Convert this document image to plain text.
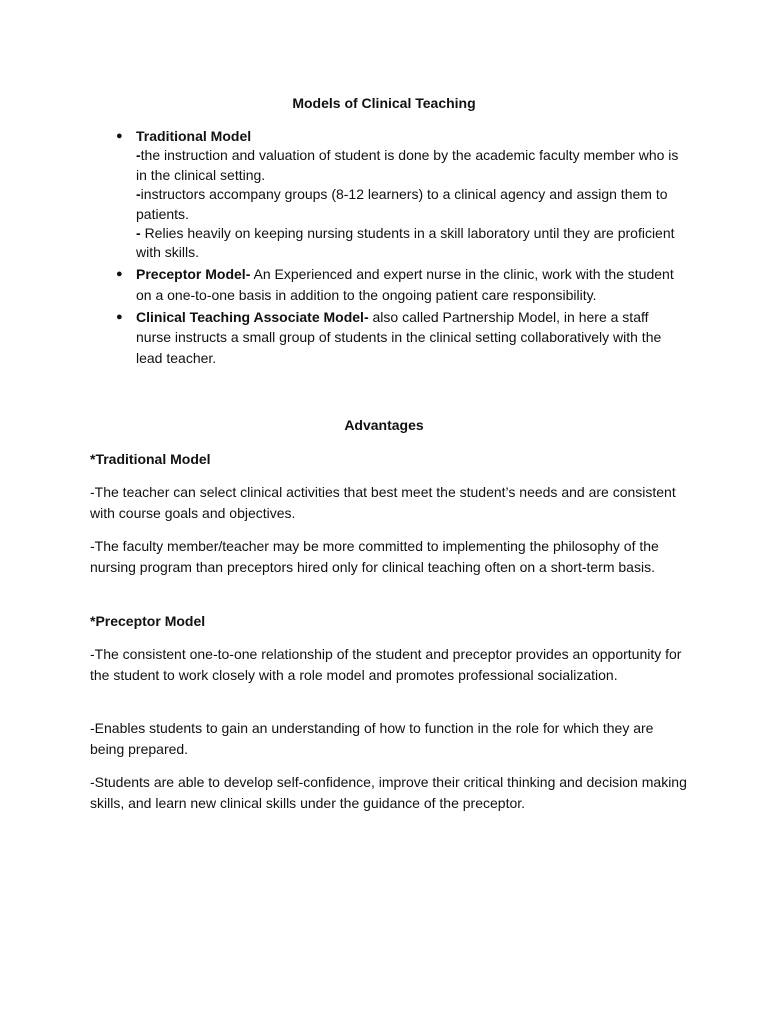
Models of Clinical Teaching
● Traditional Model
-the instruction and valuation of student is done by the academic faculty member who is in the clinical setting.
-instructors accompany groups (8-12 learners) to a clinical agency and assign them to patients.
- Relies heavily on keeping nursing students in a skill laboratory until they are proficient with skills.
● Preceptor Model- An Experienced and expert nurse in the clinic, work with the student on a one-to-one basis in addition to the ongoing patient care responsibility.
● Clinical Teaching Associate Model- also called Partnership Model, in here a staff nurse instructs a small group of students in the clinical setting collaboratively with the lead teacher.
Advantages
*Traditional Model
-The teacher can select clinical activities that best meet the student’s needs and are consistent with course goals and objectives.
-The faculty member/teacher may be more committed to implementing the philosophy of the nursing program than preceptors hired only for clinical teaching often on a short-term basis.
*Preceptor Model
-The consistent one-to-one relationship of the student and preceptor provides an opportunity for the student to work closely with a role model and promotes professional socialization.
-Enables students to gain an understanding of how to function in the role for which they are being prepared.
-Students are able to develop self-confidence, improve their critical thinking and decision making skills, and learn new clinical skills under the guidance of the preceptor.
